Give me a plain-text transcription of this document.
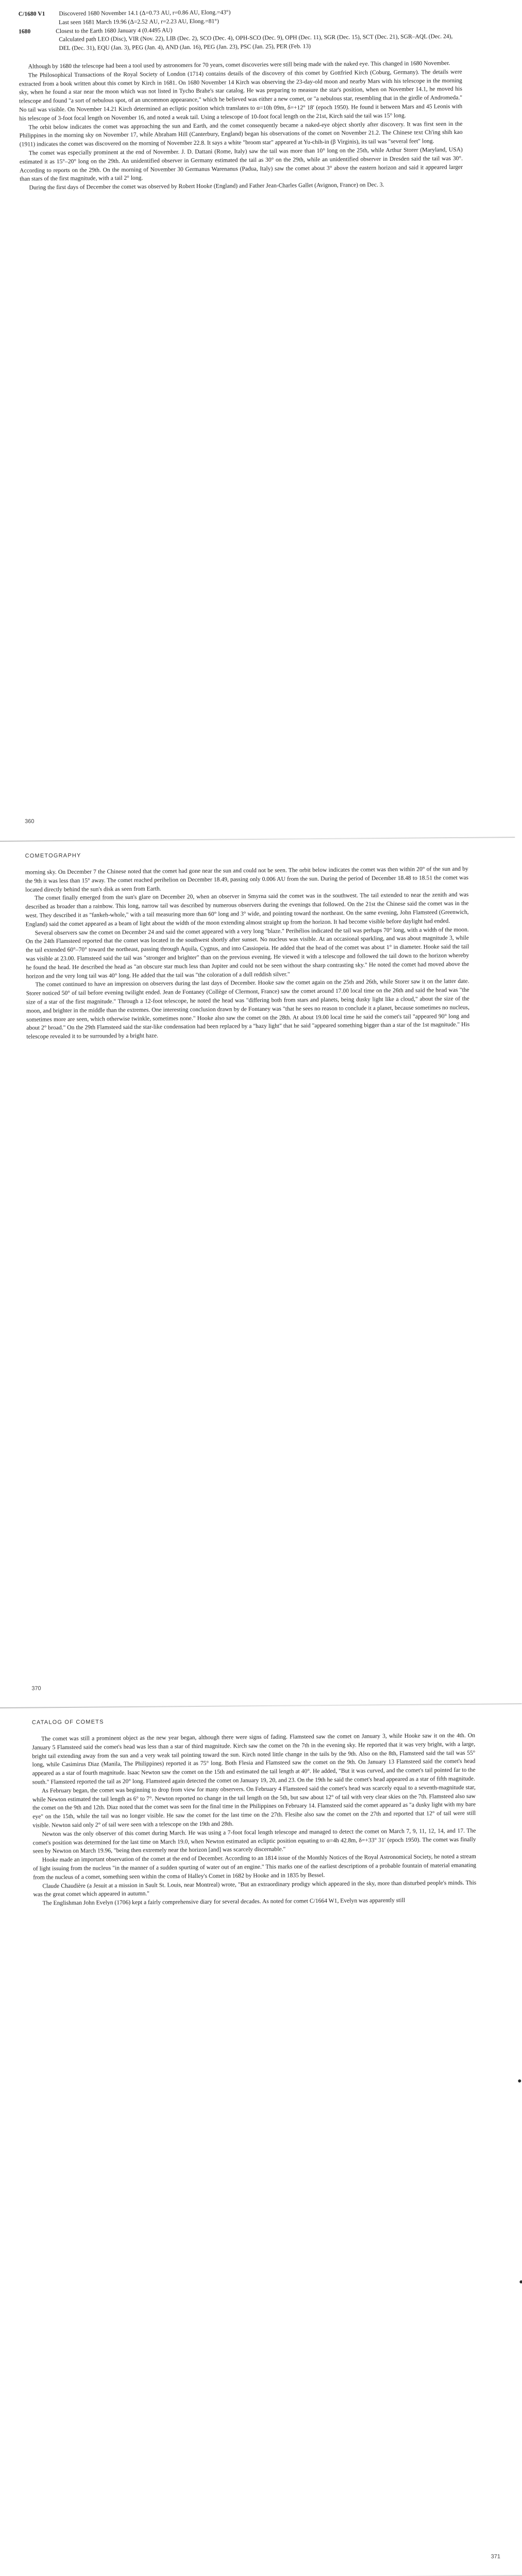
C/1680 V1 Discovered 1680 November 14.1 (Δ=0.73 AU, r=0.86 AU, Elong.=43°)
Last seen 1681 March 19.96 (Δ=2.52 AU, r=2.23 AU, Elong.=81°)
1680	Closest to the Earth 1680 January 4 (0.4495 AU)
Calculated path LEO (Disc), VIR (Nov. 22), LIB (Dec. 2), SCO (Dec. 4), OPH-SCO (Dec. 9), OPH (Dec. 11), SGR (Dec. 15), SCT (Dec. 21), SGR–AQL (Dec. 24), DEL (Dec. 31), EQU (Jan. 3), PEG (Jan. 4), AND (Jan. 16), PEG (Jan. 23), PSC (Jan. 25), PER (Feb. 13)

Although by 1680 the telescope had been a tool used by astronomers for 70 years, comet discoveries were still being made with the naked eye. This changed in 1680 November.

The Philosophical Transactions of the Royal Society of London (1714) contains details of the discovery of this comet by Gottfried Kirch (Coburg, Germany). The details were extracted from a book written about this comet by Kirch in 1681. On 1680 November 14 Kirch was observing the 23-day-old moon and nearby Mars with his telescope in the morning sky, when he found a star near the moon which was not listed in Tycho Brahe's star catalog. He was preparing to measure the star's position, when on November 14.1, he moved his telescope and found "a sort of nebulous spot, of an uncommon appearance," which he believed was either a new comet, or "a nebulous star, resembling that in the girdle of Andromeda." No tail was visible. On November 14.21 Kirch determined an ecliptic position which translates to α=10h 09m, δ=+12° 18′ (epoch 1950). He found it between Mars and 45 Leonis with his telescope of 3-foot focal length on November 16, and noted a weak tail. Using a telescope of 10-foot focal length on the 21st, Kirch said the tail was 15° long.

The orbit below indicates the comet was approaching the sun and Earth, and the comet consequently became a naked-eye object shortly after discovery. It was first seen in the Philippines in the morning sky on November 17, while Abraham Hill (Canterbury, England) began his observations of the comet on November 21.2. The Chinese text Ch'ing shih kao (1911) indicates the comet was discovered on the morning of November 22.8. It says a white "broom star" appeared at Yu-chih-in (β Virginis), its tail was "several feet" long.

The comet was especially prominent at the end of November. J. D. Dattani (Rome, Italy) saw the tail was more than 10° long on the 25th, while Arthur Storer (Maryland, USA) estimated it as 15°–20° long on the 29th. An unidentified observer in Germany estimated the tail as 30° on the 29th, while an unidentified observer in Dresden said the tail was 30°. According to reports on the 29th. On the morning of November 30 Germanus Warenanus (Padua, Italy) saw the comet about 3° above the eastern horizon and said it appeared larger than stars of the first magnitude, with a tail 2° long.

During the first days of December the comet was observed by Robert Hooke (England) and Father Jean-Charles Gallet (Avignon, France) on Dec. 3.

360
COMETOGRAPHY

morning sky. On December 7 the Chinese noted that the comet had gone near the sun and could not be seen. The orbit below indicates the comet was then within 20° of the sun and by the 9th it was less than 15° away. The comet reached perihelion on December 18.49, passing only 0.006 AU from the sun. During the period of December 18.48 to 18.51 the comet was located directly behind the sun's disk as seen from Earth.

The comet finally emerged from the sun's glare on December 20, when an observer in Smyrna said the comet was in the southwest. The tail extended to near the zenith and was described as broader than a rainbow. This long, narrow tail was described by numerous observers during the evenings that followed. On the 21st the Chinese said the comet was in the west. They described it as "fankeh-whole," with a tail measuring more than 60° long and 3° wide, and pointing toward the northeast. On the same evening, John Flamsteed (Greenwich, England) said the comet appeared as a beam of light about the width of the moon extending almost straight up from the horizon. It had become visible before daylight had ended.

Several observers saw the comet on December 24 and said the comet appeared with a very long "blaze." Perihélios indicated the tail was perhaps 70° long, with a width of the moon. On the 24th Flamsteed reported that the comet was located in the southwest shortly after sunset. No nucleus was visible. At an occasional sparkling, and was about magnitude 3, while the tail extended 60°–70° toward the northeast, passing through Aquila, Cygnus, and into Cassiopeia. He added that the head of the comet was about 1° in diameter. Hooke said the tail was visible at 23.00. Flamsteed said the tail was "stronger and brighter" than on the previous evening. He viewed it with a telescope and followed the tail down to the horizon whereby he found the head. He described the head as "an obscure star much less than Jupiter and could not be seen without the sharp contrasting sky." He noted the comet had moved above the horizon and the very long tail was 40° long. He added that the tail was "the coloration of a dull reddish silver."

The comet continued to have an impression on observers during the last days of December. Hooke saw the comet again on the 25th and 26th, while Storer saw it on the latter date. Storer noticed 50° of tail before evening twilight ended. Jean de Fontaney (Collège of Clermont, France) saw the comet around 17.00 local time on the 26th and said the head was "the size of a star of the first magnitude." Through a 12-foot telescope, he noted the head was "differing both from stars and planets, being dusky light like a cloud," about the size of the moon, and brighter in the middle than the extremes. One interesting conclusion drawn by de Fontaney was "that he sees no reason to conclude it a planet, because sometimes no nucleus, sometimes more are seen, which otherwise twinkle, sometimes none." Hooke also saw the comet on the 28th. At about 19.00 local time he said the comet's tail "appeared 90° long and about 2° broad." On the 29th Flamsteed said the star-like condensation had been replaced by a "hazy light" that he said "appeared something bigger than a star of the 1st magnitude." His telescope revealed it to be surrounded by a bright haze.

370
CATALOG OF COMETS

The comet was still a prominent object as the new year began, although there were signs of fading. Flamsteed saw the comet on January 3, while Hooke saw it on the 4th. On January 5 Flamsteed said the comet's head was less than a star of third magnitude. Kirch saw the comet on the 7th in the evening sky. He reported that it was very bright, with a large, bright tail extending away from the sun and a very weak tail pointing toward the sun. Kirch noted little change in the tails by the 9th. Also on the 8th, Flamsteed said the tail was 55° long, while Casimirus Diaz (Manila, The Philippines) reported it as 75° long. Both Flesia and Flamsteed saw the comet on the 9th. On January 13 Flamsteed said the comet's head appeared as a star of fourth magnitude. Isaac Newton saw the comet on the 15th and estimated the tail length at 40°. He added, "But it was curved, and the comet's tail pointed far to the south." Flamsteed reported the tail as 20° long. Flamsteed again detected the comet on January 19, 20, and 23. On the 19th he said the comet's head appeared as a star of fifth magnitude.

As February began, the comet was beginning to drop from view for many observers. On February 4 Flamsteed said the comet's head was scarcely equal to a seventh-magnitude star, while Newton estimated the tail length as 6° to 7°. Newton reported no change in the tail length on the 5th, but saw about 12° of tail with very clear skies on the 7th. Flamsteed also saw the comet on the 9th and 12th. Diaz noted that the comet was seen for the final time in the Philippines on February 14. Flamsteed said the comet appeared as "a dusky light with my bare eye" on the 15th, while the tail was no longer visible. He saw the comet for the last time on the 27th. Flesihe also saw the comet on the 27th and reported that 12° of tail were still visible. Newton said only 2° of tail were seen with a telescope on the 19th and 28th.

Newton was the only observer of this comet during March. He was using a 7-foot focal length telescope and managed to detect the comet on March 7, 9, 11, 12, 14, and 17. The comet's position was determined for the last time on March 19.0, when Newton estimated an ecliptic position equating to α=4h 42.8m, δ=+33° 31′ (epoch 1950). The comet was finally seen by Newton on March 19.96, "being then extremely near the horizon [and] was scarcely discernable."

Hooke made an important observation of the comet at the end of December. According to an 1814 issue of the Monthly Notices of the Royal Astronomical Society, he noted a stream of light issuing from the nucleus "in the manner of a sudden spurting of water out of an engine." This marks one of the earliest descriptions of a probable fountain of material emanating from the nucleus of a comet, something seen within the coma of Halley's Comet in 1682 by Hooke and in 1835 by Bessel.

Claude Chaudière (a Jesuit at a mission in Sault St. Louis, near Montreal) wrote, "But an extraordinary prodigy which appeared in the sky, more than disturbed people's minds. This was the great comet which appeared in autumn."

The Englishman John Evelyn (1706) kept a fairly comprehensive diary for several decades. As noted for comet C/1664 W1, Evelyn was apparently still

371
